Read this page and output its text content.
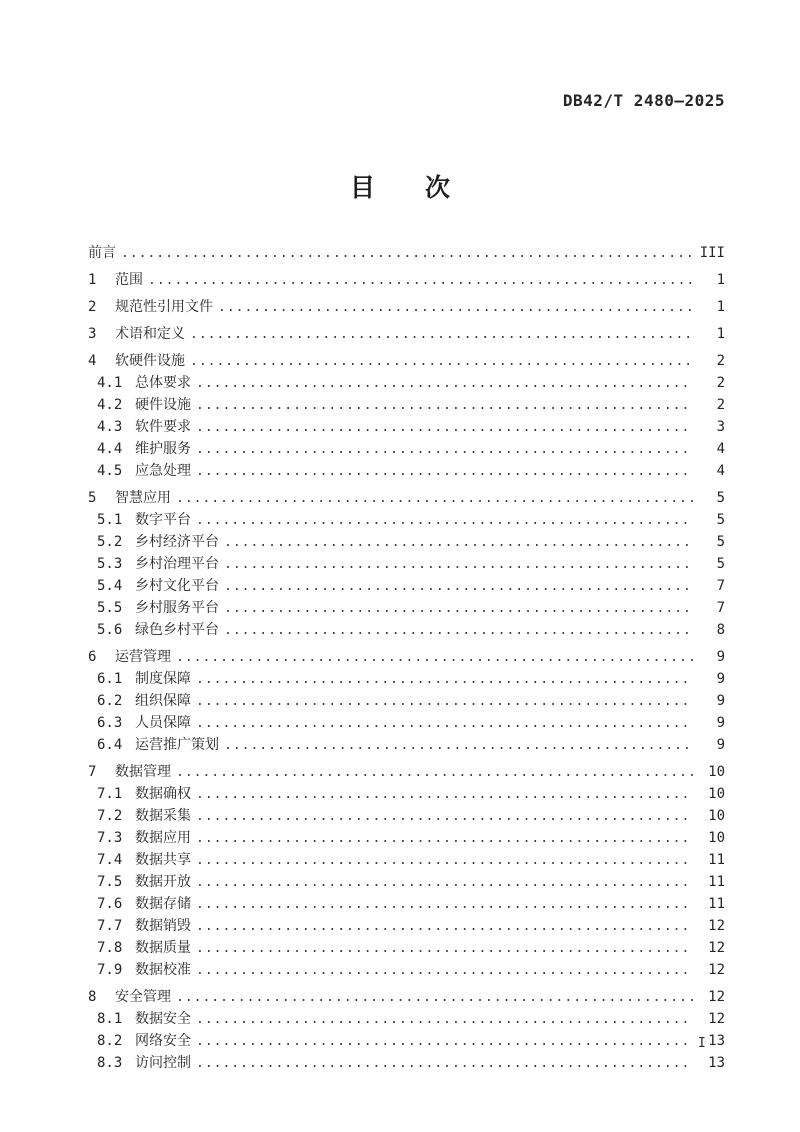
DB42/T 2480—2025
目　　次
前言 .....	III
1	范围 .....	1
2	规范性引用文件 .....	1
3	术语和定义 .....	1
4	软硬件设施 .....	2
4.1 总体要求 .....	2
4.2 硬件设施 .....	2
4.3 软件要求 .....	3
4.4 维护服务 .....	4
4.5 应急处理 .....	4
5	智慧应用 .....	5
5.1 数字平台 .....	5
5.2 乡村经济平台 .....	5
5.3 乡村治理平台 .....	5
5.4 乡村文化平台 .....	7
5.5 乡村服务平台 .....	7
5.6 绿色乡村平台 .....	8
6	运营管理 .....	9
6.1 制度保障 .....	9
6.2 组织保障 .....	9
6.3 人员保障 .....	9
6.4 运营推广策划 .....	9
7	数据管理 .....	10
7.1 数据确权 .....	10
7.2 数据采集 .....	10
7.3 数据应用 .....	10
7.4 数据共享 .....	11
7.5 数据开放 .....	11
7.6 数据存储 .....	11
7.7 数据销毁 .....	12
7.8 数据质量 .....	12
7.9 数据校准 .....	12
8	安全管理 .....	12
8.1 数据安全 .....	12
8.2 网络安全 .....	13
8.3 访问控制 .....	13
I
